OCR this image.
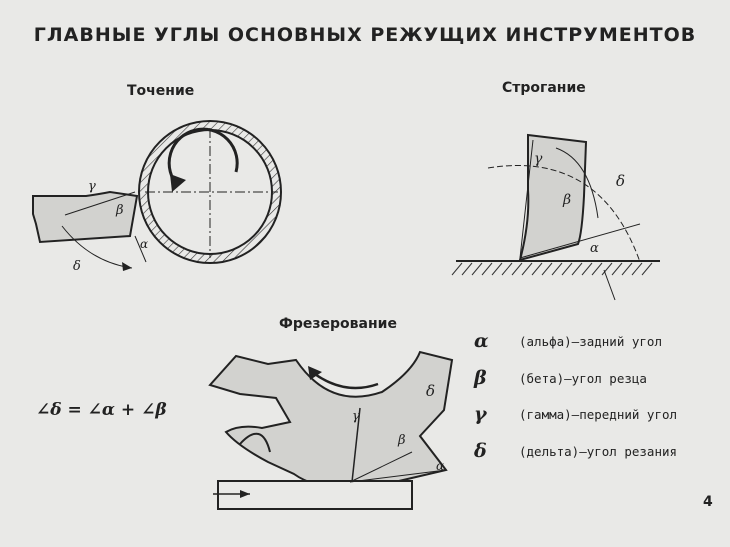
ГЛАВНЫЕ УГЛЫ ОСНОВНЫХ РЕЖУЩИХ ИНСТРУМЕНТОВ
Точение	Строгание
Фрезерование
γ
β
α
δ
γ
β
α
δ
γ
β
α
δ
∠δ = ∠α + ∠β
α	(альфа)—задний угол
β	(бета)—угол резца
γ	(гамма)—передний угол
δ	(дельта)—угол резания
4
